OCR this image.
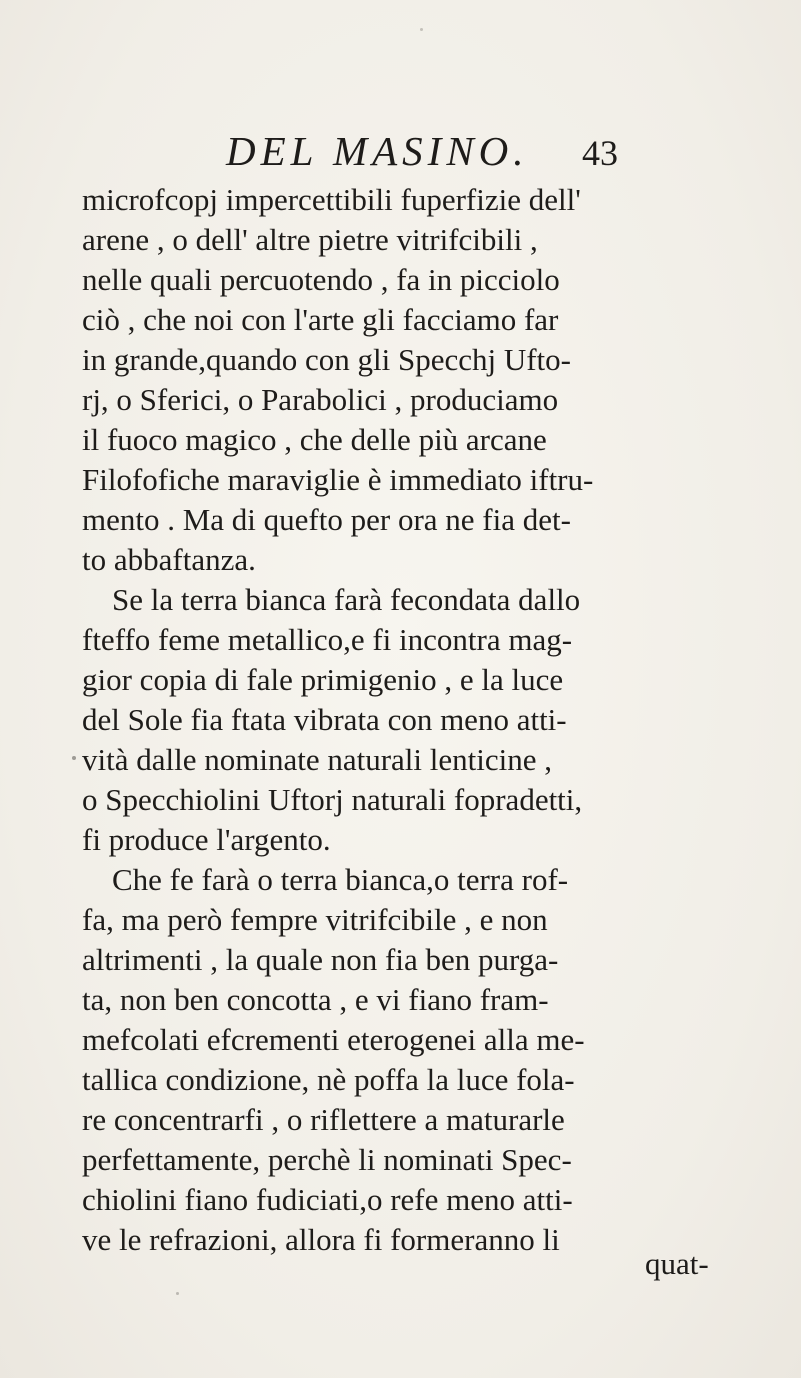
DEL MASINO. 43
microfcopj impercettibili fuperfizie dell'
arene , o dell' altre pietre vitrifcibili ,
nelle quali percuotendo , fa in picciolo
ciò , che noi con l'arte gli facciamo far
in grande,quando con gli Specchj Ufto-
rj, o Sferici, o Parabolici , produciamo
il fuoco magico , che delle più arcane
Filofofiche maraviglie è immediato iftru-
mento . Ma di quefto per ora ne fia det-
to abbaftanza.
Se la terra bianca farà fecondata dallo
fteffo feme metallico,e fi incontra mag-
gior copia di fale primigenio , e la luce
del Sole fia ftata vibrata con meno atti-
vità dalle nominate naturali lenticine ,
o Specchiolini Uftorj naturali fopradetti,
fi produce l'argento.
Che fe farà o terra bianca,o terra rof-
fa, ma però fempre vitrifcibile , e non
altrimenti , la quale non fia ben purga-
ta, non ben concotta , e vi fiano fram-
mefcolati efcrementi eterogenei alla me-
tallica condizione, nè poffa la luce fola-
re concentrarfi , o riflettere a maturarle
perfettamente, perchè li nominati Spec-
chiolini fiano fudiciati,o refe meno atti-
ve le refrazioni, allora fi formeranno li
quat-
